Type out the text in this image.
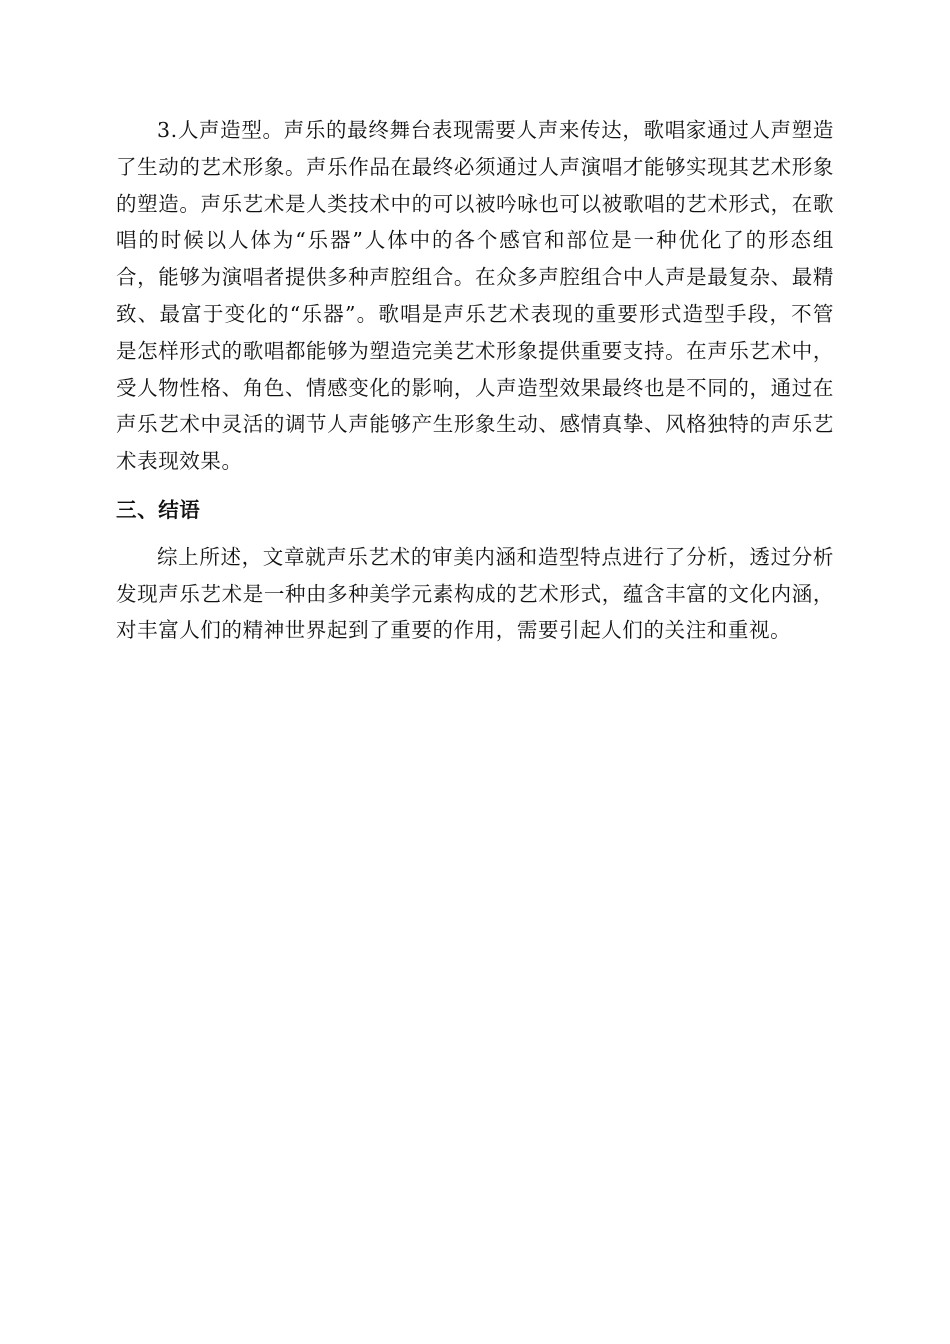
3.人声造型。声乐的最终舞台表现需要人声来传达，歌唱家通过人声塑造了生动的艺术形象。声乐作品在最终必须通过人声演唱才能够实现其艺术形象的塑造。声乐艺术是人类技术中的可以被吟咏也可以被歌唱的艺术形式，在歌唱的时候以人体为“乐器”人体中的各个感官和部位是一种优化了的形态组合，能够为演唱者提供多种声腔组合。在众多声腔组合中人声是最复杂、最精致、最富于变化的“乐器”。歌唱是声乐艺术表现的重要形式造型手段，不管是怎样形式的歌唱都能够为塑造完美艺术形象提供重要支持。在声乐艺术中，受人物性格、角色、情感变化的影响，人声造型效果最终也是不同的，通过在声乐艺术中灵活的调节人声能够产生形象生动、感情真挚、风格独特的声乐艺术表现效果。

三、结语

综上所述，文章就声乐艺术的审美内涵和造型特点进行了分析，透过分析发现声乐艺术是一种由多种美学元素构成的艺术形式，蕴含丰富的文化内涵，对丰富人们的精神世界起到了重要的作用，需要引起人们的关注和重视。
